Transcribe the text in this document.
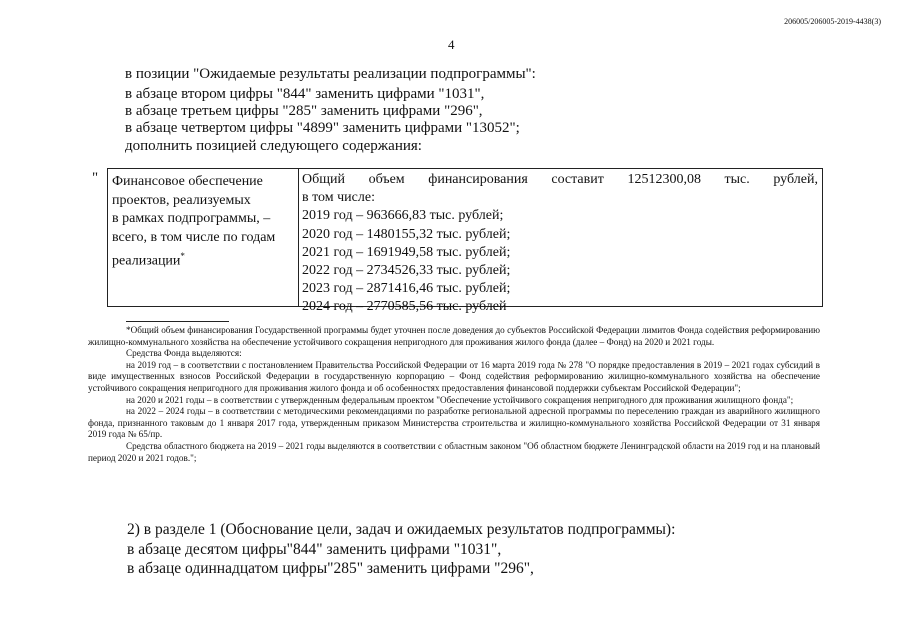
206005/206005-2019-4438(3)
4
в позиции "Ожидаемые результаты реализации подпрограммы":
в абзаце втором цифры "844" заменить цифрами "1031",
в абзаце третьем цифры "285" заменить цифрами "296",
в абзаце четвертом цифры "4899" заменить цифрами "13052";
дополнить позицией следующего содержания:
" Финансовое обеспечение
проектов, реализуемых
в рамках подпрограммы, –
всего, в том числе по годам
реализации*
Общий объем финансирования составит 12512300,08 тыс. рублей,
в том числе:
2019 год – 963666,83 тыс. рублей;
2020 год – 1480155,32 тыс. рублей;
2021 год – 1691949,58 тыс. рублей;
2022 год – 2734526,33 тыс. рублей;
2023 год – 2871416,46 тыс. рублей;
2024 год – 2770585,56 тыс. рублей

*Общий объем финансирования Государственной программы будет уточнен после доведения до субъектов Российской Федерации лимитов Фонда содействия реформированию жилищно-коммунального хозяйства на обеспечение устойчивого сокращения непригодного для проживания жилого фонда (далее – Фонд) на 2020 и 2021 годы.

Средства Фонда выделяются:

на 2019 год – в соответствии с постановлением Правительства Российской Федерации от 16 марта 2019 года № 278 "О порядке предоставления в 2019 – 2021 годах субсидий в виде имущественных взносов Российской Федерации в государственную корпорацию – Фонд содействия реформированию жилищно-коммунального хозяйства на обеспечение устойчивого сокращения непригодного для проживания жилого фонда и об особенностях предоставления финансовой поддержки субъектам Российской Федерации";

на 2020 и 2021 годы – в соответствии с утвержденным федеральным проектом "Обеспечение устойчивого сокращения непригодного для проживания жилищного фонда";

на 2022 – 2024 годы – в соответствии с методическими рекомендациями по разработке региональной адресной программы по переселению граждан из аварийного жилищного фонда, признанного таковым до 1 января 2017 года, утвержденным приказом Министерства строительства и жилищно-коммунального хозяйства Российской Федерации от 31 января 2019 года № 65/пр.

Средства областного бюджета на 2019 – 2021 годы выделяются в соответствии с областным законом "Об областном бюджете Ленинградской области на 2019 год и на плановый период 2020 и 2021 годов.";

2) в разделе 1 (Обоснование цели, задач и ожидаемых результатов подпрограммы):
в абзаце десятом цифры"844" заменить цифрами "1031",
в абзаце одиннадцатом цифры"285" заменить цифрами "296",
